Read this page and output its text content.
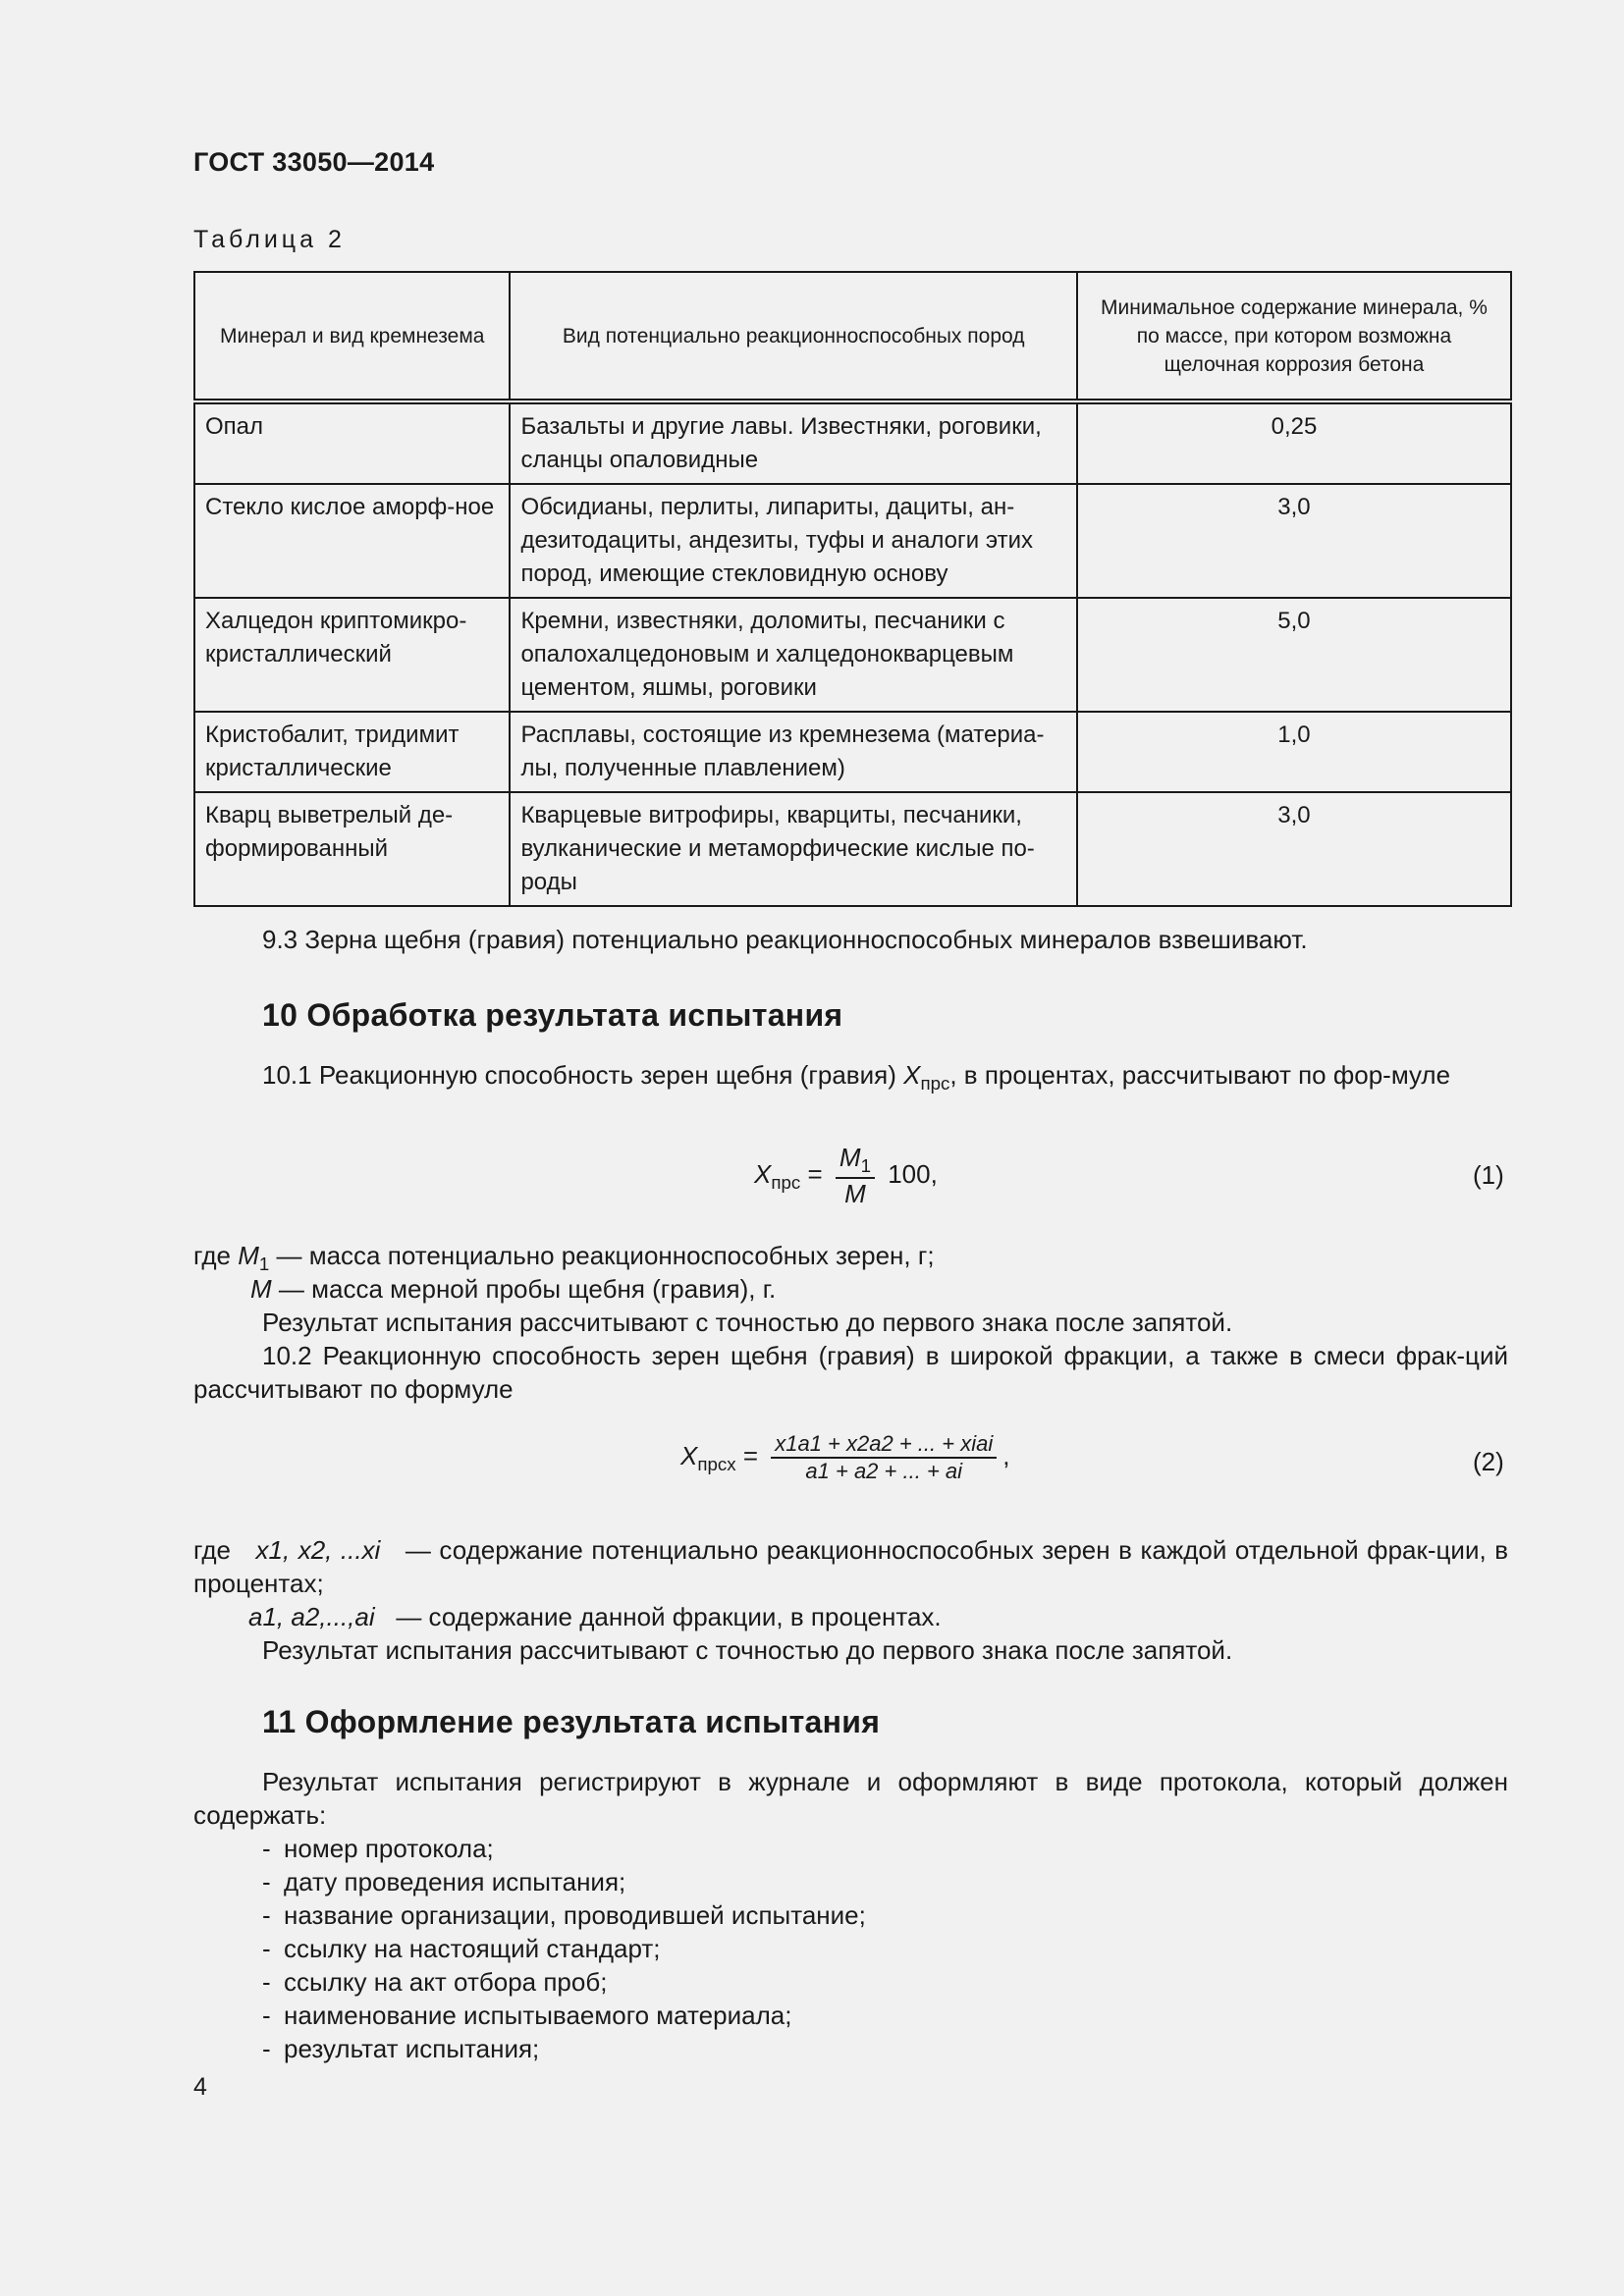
ГОСТ 33050—2014
Таблица 2
Минерал и вид кремнезема	Вид потенциально реакционноспособных пород	Минимальное содержание минерала, % по массе, при котором возможна щелочная коррозия бетона
Опал	Базальты и другие лавы. Известняки, роговики, сланцы опаловидные	0,25
Стекло кислое аморф-ное	Обсидианы, перлиты, липариты, дациты, ан-дезитодациты, андезиты, туфы и аналоги этих пород, имеющие стекловидную основу	3,0
Халцедон криптомикро-кристаллический	Кремни, известняки, доломиты, песчаники с опалохалцедоновым и халцедонокварцевым цементом, яшмы, роговики	5,0
Кристобалит, тридимит кристаллические	Расплавы, состоящие из кремнезема (материа-лы, полученные плавлением)	1,0
Кварц выветрелый де-формированный	Кварцевые витрофиры, кварциты, песчаники, вулканические и метаморфические кислые по-роды	3,0
9.3 Зерна щебня (гравия) потенциально реакционноспособных минералов взвешивают.
10 Обработка результата испытания
10.1 Реакционную способность зерен щебня (гравия) $X_{прс}$, в процентах, рассчитывают по фор-муле
$X_{прс} = \frac{M_1}{M} 100$,	(1)
где $M_1$ — масса потенциально реакционноспособных зерен, г;
M — масса мерной пробы щебня (гравия), г.
Результат испытания рассчитывают с точностью до первого знака после запятой.
10.2 Реакционную способность зерен щебня (гравия) в широкой фракции, а также в смеси фрак-ций рассчитывают по формуле
$X_{прсх} = \frac{\text{x1a1 + x2a2 + ... + xiai}}{a1 + a2 + ... + ai}$ ,	(2)
где x1, x2, ...xi — содержание потенциально реакционноспособных зерен в каждой отдельной фрак-ции, в процентах;
a1, a2,...,ai — содержание данной фракции, в процентах.
Результат испытания рассчитывают с точностью до первого знака после запятой.
11 Оформление результата испытания
Результат испытания регистрируют в журнале и оформляют в виде протокола, который должен содержать:
- номер протокола;
- дату проведения испытания;
- название организации, проводившей испытание;
- ссылку на настоящий стандарт;
- ссылку на акт отбора проб;
- наименование испытываемого материала;
- результат испытания;
4
